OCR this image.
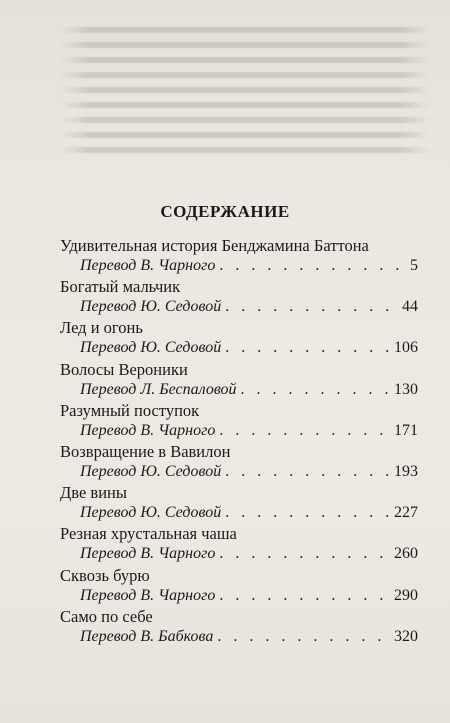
СОДЕРЖАНИЕ
Удивительная история Бенджамина Баттона
Перевод В. Чарного . . .	5
Богатый мальчик
Перевод Ю. Седовой . . .	44
Лед и огонь
Перевод Ю. Седовой . . .	106
Волосы Вероники
Перевод Л. Беспаловой . . .	130
Разумный поступок
Перевод В. Чарного . . .	171
Возвращение в Вавилон
Перевод Ю. Седовой . . .	193
Две вины
Перевод Ю. Седовой . . .	227
Резная хрустальная чаша
Перевод В. Чарного . . .	260
Сквозь бурю
Перевод В. Чарного . . .	290
Само по себе
Перевод В. Бабкова . . .	320
